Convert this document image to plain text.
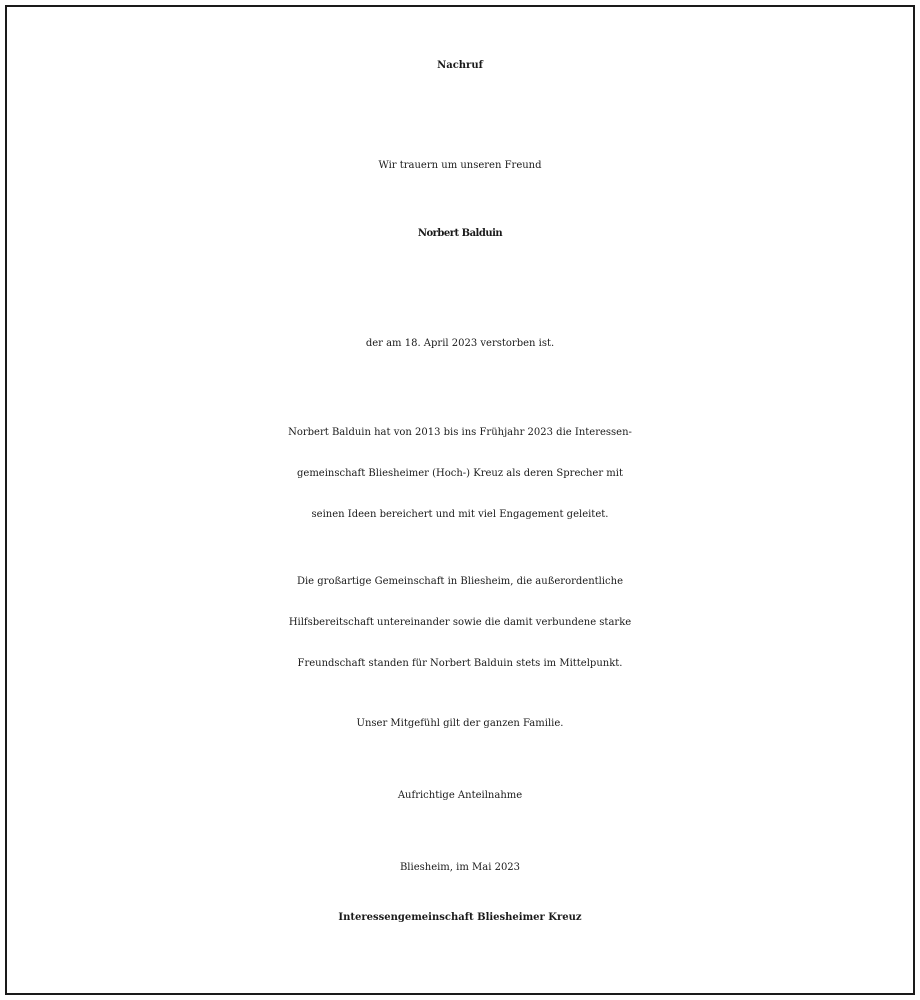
Nachruf
Wir trauern um unseren Freund
Norbert Balduin
der am 18. April 2023 verstorben ist.
Norbert Balduin hat von 2013 bis ins Frühjahr 2023 die Interessen-
gemeinschaft Bliesheimer (Hoch-) Kreuz als deren Sprecher mit
seinen Ideen bereichert und mit viel Engagement geleitet.
Die großartige Gemeinschaft in Bliesheim, die außerordentliche
Hilfsbereitschaft untereinander sowie die damit verbundene starke
Freundschaft standen für Norbert Balduin stets im Mittelpunkt.
Unser Mitgefühl gilt der ganzen Familie.
Aufrichtige Anteilnahme
Bliesheim, im Mai 2023
Interessengemeinschaft Bliesheimer Kreuz
